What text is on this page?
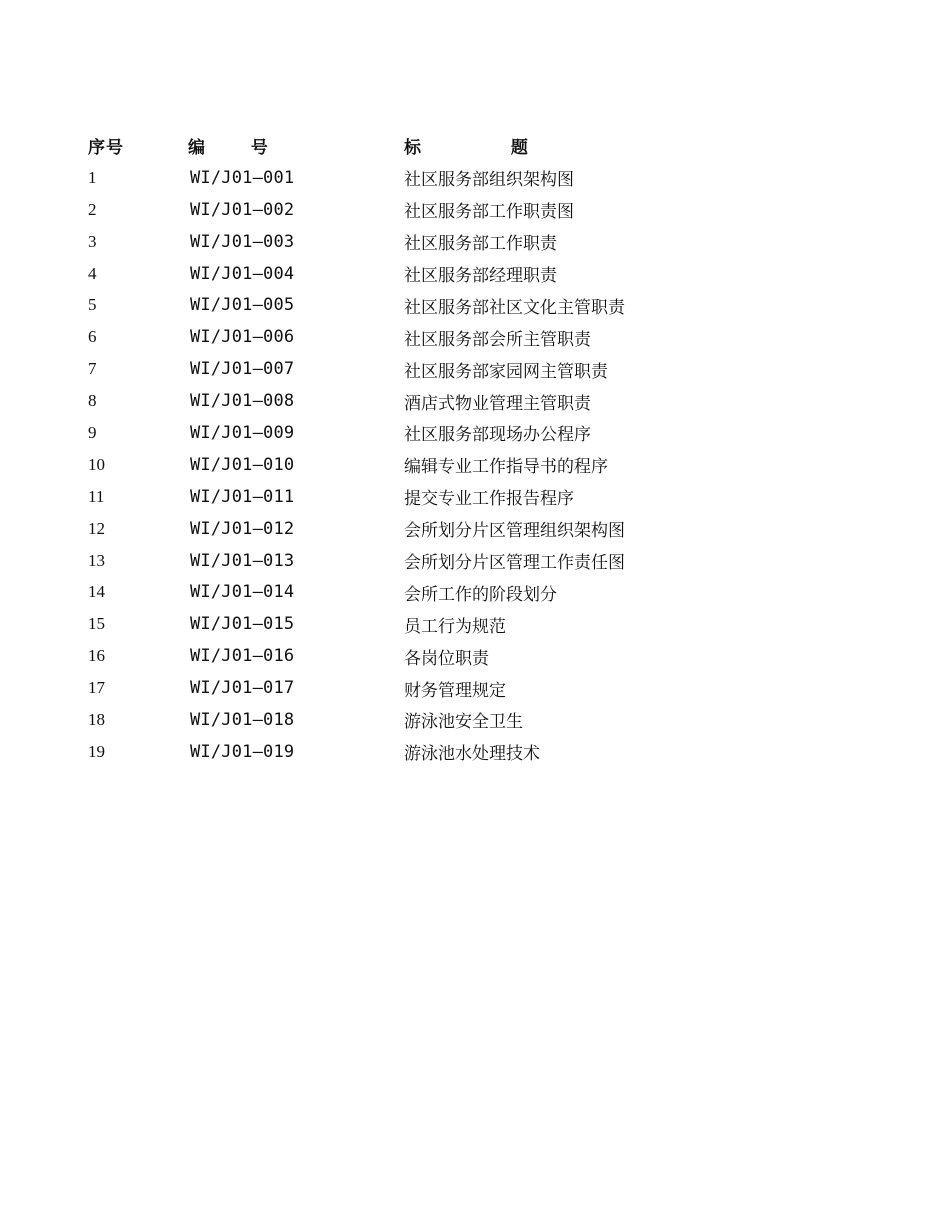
序号	编 号	标 题
1	WI/J01—001	社区服务部组织架构图
2	WI/J01—002	社区服务部工作职责图
3	WI/J01—003	社区服务部工作职责
4	WI/J01—004	社区服务部经理职责
5	WI/J01—005	社区服务部社区文化主管职责
6	WI/J01—006	社区服务部会所主管职责
7	WI/J01—007	社区服务部家园网主管职责
8	WI/J01—008	酒店式物业管理主管职责
9	WI/J01—009	社区服务部现场办公程序
10	WI/J01—010	编辑专业工作指导书的程序
11	WI/J01—011	提交专业工作报告程序
12	WI/J01—012	会所划分片区管理组织架构图
13	WI/J01—013	会所划分片区管理工作责任图
14	WI/J01—014	会所工作的阶段划分
15	WI/J01—015	员工行为规范
16	WI/J01—016	各岗位职责
17	WI/J01—017	财务管理规定
18	WI/J01—018	游泳池安全卫生
19	WI/J01—019	游泳池水处理技术
